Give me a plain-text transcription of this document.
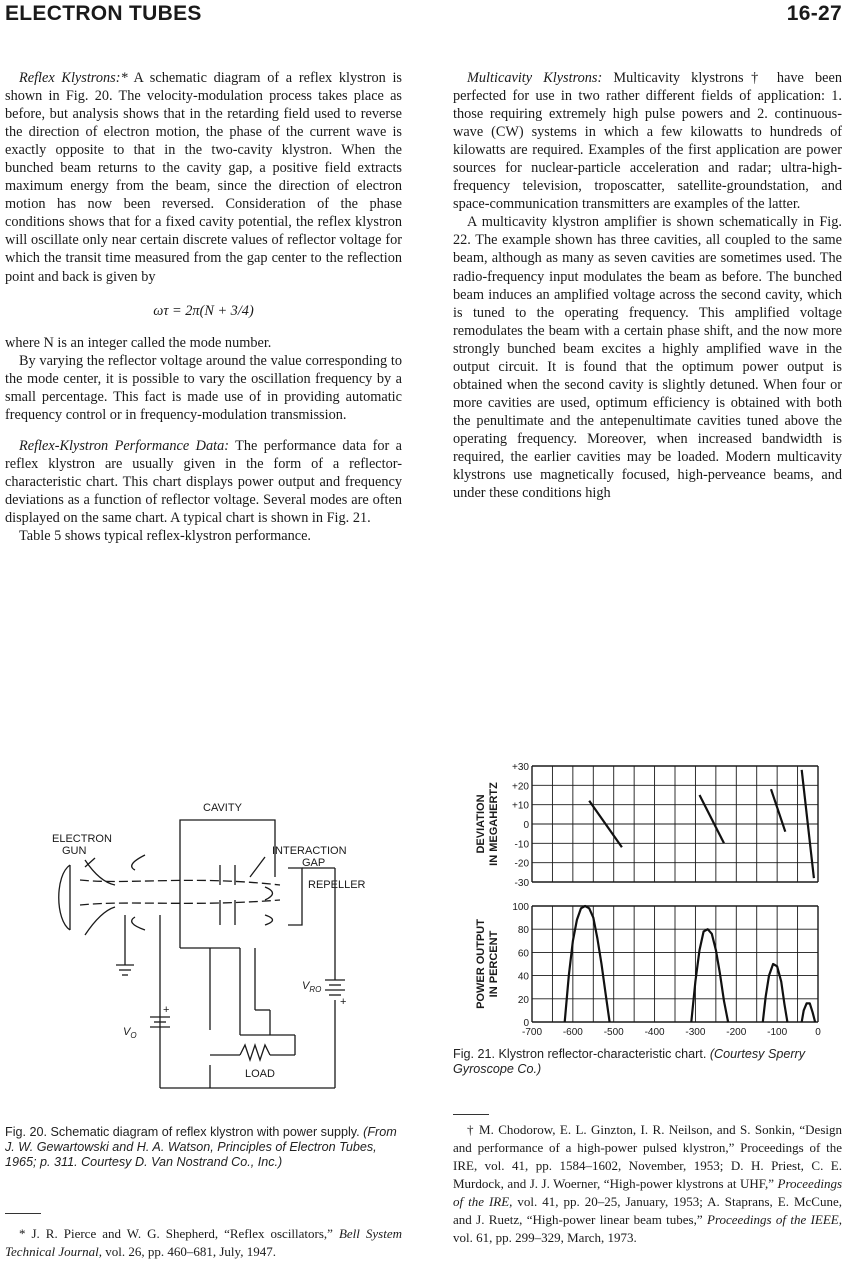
ELECTRON TUBES	16-27

Reflex Klystrons:* A schematic diagram of a reflex klystron is shown in Fig. 20. The velocity-modulation process takes place as before, but analysis shows that in the retarding field used to reverse the direction of electron motion, the phase of the current wave is exactly opposite to that in the two-cavity klystron. When the bunched beam returns to the cavity gap, a positive field extracts maximum energy from the beam, since the direction of electron motion has now been reversed. Consideration of the phase conditions shows that for a fixed cavity potential, the reflex klystron will oscillate only near certain discrete values of reflector voltage for which the transit time measured from the gap center to the reflection point and back is given by

ωτ = 2π(N + 3/4)

where N is an integer called the mode number.

By varying the reflector voltage around the value corresponding to the mode center, it is possible to vary the oscillation frequency by a small percentage. This fact is made use of in providing automatic frequency control or in frequency-modulation transmission.

Reflex-Klystron Performance Data: The performance data for a reflex klystron are usually given in the form of a reflector-characteristic chart. This chart displays power output and frequency deviations as a function of reflector voltage. Several modes are often displayed on the same chart. A typical chart is shown in Fig. 21.

Table 5 shows typical reflex-klystron performance.

Multicavity Klystrons: Multicavity klystrons† have been perfected for use in two rather different fields of application: 1. those requiring extremely high pulse powers and 2. continuous-wave (CW) systems in which a few kilowatts to hundreds of kilowatts are required. Examples of the first application are power sources for nuclear-particle acceleration and radar; ultra-high-frequency television, troposcatter, satellite-groundstation, and space-communication transmitters are examples of the latter.

A multicavity klystron amplifier is shown schematically in Fig. 22. The example shown has three cavities, all coupled to the same beam, although as many as seven cavities are sometimes used. The radio-frequency input modulates the beam as before. The bunched beam induces an amplified voltage across the second cavity, which is tuned to the operating frequency. This amplified voltage remodulates the beam with a certain phase shift, and the now more strongly bunched beam excites a highly amplified wave in the output circuit. It is found that the optimum power output is obtained when the second cavity is slightly detuned. When four or more cavities are used, optimum efficiency is obtained with both the penultimate and the antepenultimate cavities tuned above the operating frequency. Moreover, when increased bandwidth is required, the earlier cavities may be loaded. Modern multicavity klystrons use magnetically focused, high-perveance beams, and under these conditions high

CAVITY
ELECTRON
GUN	INTERACTION
GAP
REPELLER
$V_{RO}$
+
$V_O$
+
LOAD
Fig. 20. Schematic diagram of reflex klystron with power supply. (From J. W. Gewartowski and H. A. Watson, Principles of Electron Tubes, 1965; p. 311. Courtesy D. Van Nostrand Co., Inc.)
+30
+20
+10
0
-10
-20
-30
DEVIATION IN MEGAHERTZ
100
80
60
40
20
0
POWER OUTPUT IN PERCENT
-700 -600 -500 -400 -300 -200 -100	0
Fig. 21. Klystron reflector-characteristic chart. (Courtesy Sperry Gyroscope Co.)

* J. R. Pierce and W. G. Shepherd, “Reflex oscillators,” Bell System Technical Journal, vol. 26, pp. 460–681, July, 1947.

† M. Chodorow, E. L. Ginzton, I. R. Neilson, and S. Sonkin, “Design and performance of a high-power pulsed klystron,” Proceedings of the IRE, vol. 41, pp. 1584–1602, November, 1953; D. H. Priest, C. E. Murdock, and J. J. Woerner, “High-power klystrons at UHF,” Proceedings of the IRE, vol. 41, pp. 20–25, January, 1953; A. Staprans, E. McCune, and J. Ruetz, “High-power linear beam tubes,” Proceedings of the IEEE, vol. 61, pp. 299–329, March, 1973.
